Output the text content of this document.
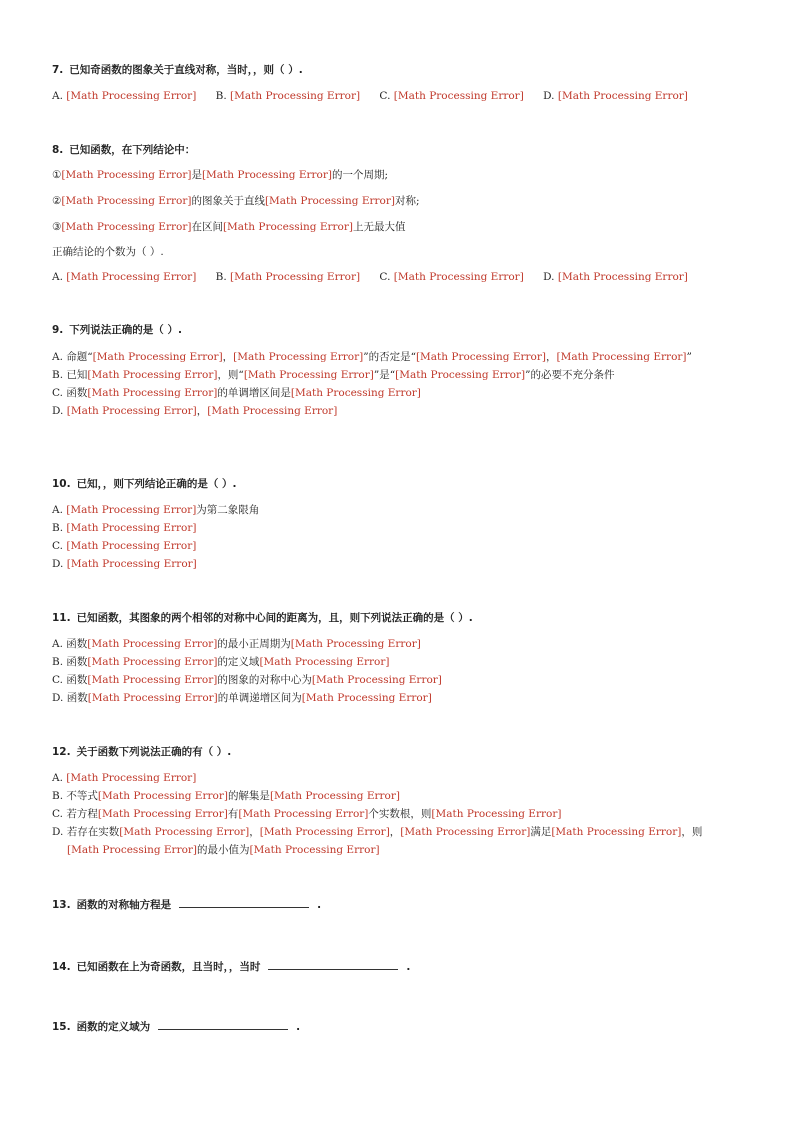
7. 已知奇函数的图象关于直线对称，当时，，则（ ）.
A. [Math Processing Error] B. [Math Processing Error] C. [Math Processing Error] D. [Math Processing Error]
8. 已知函数，在下列结论中：
①[Math Processing Error]是[Math Processing Error]的一个周期;
②[Math Processing Error]的图象关于直线[Math Processing Error]对称;
③[Math Processing Error]在区间[Math Processing Error]上无最大值
正确结论的个数为（ ）.
A. [Math Processing Error] B. [Math Processing Error] C. [Math Processing Error] D. [Math Processing Error]
9. 下列说法正确的是（ ）.
A. 命题“[Math Processing Error]，[Math Processing Error]”的否定是“[Math Processing Error]，[Math Processing Error]”
B. 已知[Math Processing Error]，则“[Math Processing Error]”是“[Math Processing Error]”的必要不充分条件
C. 函数[Math Processing Error]的单调增区间是[Math Processing Error]
D. [Math Processing Error]，[Math Processing Error]
10. 已知，，则下列结论正确的是（ ）.
A. [Math Processing Error]为第二象限角
B. [Math Processing Error]
C. [Math Processing Error]
D. [Math Processing Error]
11. 已知函数，其图象的两个相邻的对称中心间的距离为，且，则下列说法正确的是（ ）.
A. 函数[Math Processing Error]的最小正周期为[Math Processing Error]
B. 函数[Math Processing Error]的定义域[Math Processing Error]
C. 函数[Math Processing Error]的图象的对称中心为[Math Processing Error]
D. 函数[Math Processing Error]的单调递增区间为[Math Processing Error]
12. 关于函数下列说法正确的有（ ）.
A. [Math Processing Error]
B. 不等式[Math Processing Error]的解集是[Math Processing Error]
C. 若方程[Math Processing Error]有[Math Processing Error]个实数根，则[Math Processing Error]
D. 若存在实数[Math Processing Error]，[Math Processing Error]，[Math Processing Error]满足[Math Processing Error]，则[Math Processing Error]的最小值为[Math Processing Error]
13. 函数的对称轴方程是	.
14. 已知函数在上为奇函数，且当时，，当时	.
15. 函数的定义域为	.
